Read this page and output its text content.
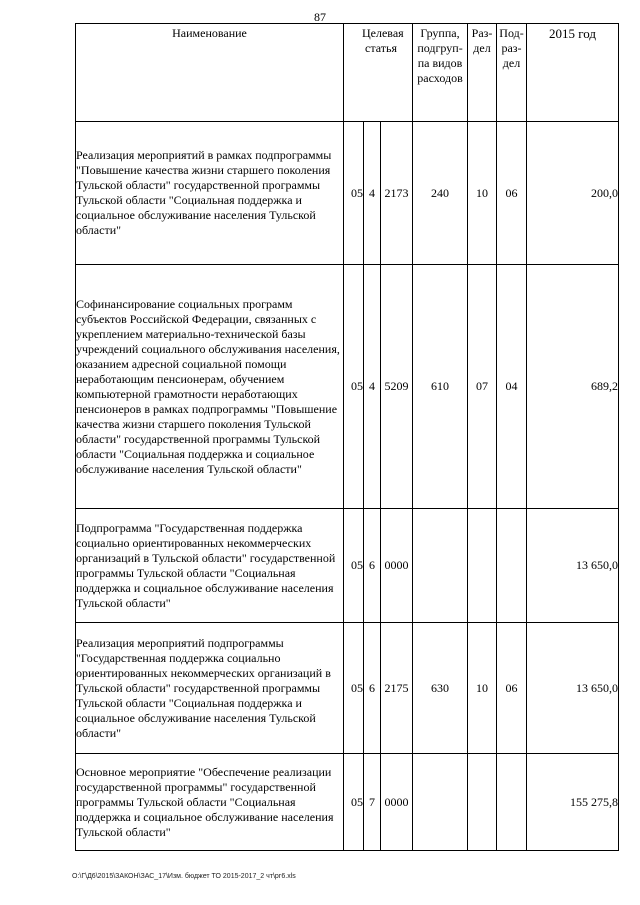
87
Наименование	Целевая статья			Группа, подгруп- па видов расходов	Раз- дел	Под- раз- дел	2015 год
Реализация мероприятий в рамках подпрограммы "Повышение качества жизни старшего поколения Тульской области" государственной программы Тульской области "Социальная поддержка и социальное обслуживание населения Тульской области"	05	4	2173	240	10	06	200,0
Софинансирование социальных программ субъектов Российской Федерации, связанных с укреплением материально-технической базы учреждений социального обслуживания населения, оказанием адресной социальной помощи неработающим пенсионерам, обучением компьютерной грамотности неработающих пенсионеров в рамках подпрограммы "Повышение качества жизни старшего поколения Тульской области" государственной программы Тульской области "Социальная поддержка и социальное обслуживание населения Тульской области"	05	4	5209	610	07	04	689,2
Подпрограмма "Государственная поддержка социально ориентированных некоммерческих организаций в Тульской области" государственной программы Тульской области "Социальная поддержка и социальное обслуживание населения Тульской области"	05	6	0000				13 650,0
Реализация мероприятий подпрограммы "Государственная поддержка социально ориентированных некоммерческих организаций в Тульской области" государственной программы Тульской области "Социальная поддержка и социальное обслуживание населения Тульской области"	05	6	2175	630	10	06	13 650,0
Основное мероприятие "Обеспечение реализации государственной программы" государственной программы Тульской области "Социальная поддержка и социальное обслуживание населения Тульской области"	05	7	0000				155 275,8
O:\Г\Д6\2015\ЗАКОН\ЗАС_17\Изм. бюджет ТО 2015-2017_2 чт\рг6.xls
